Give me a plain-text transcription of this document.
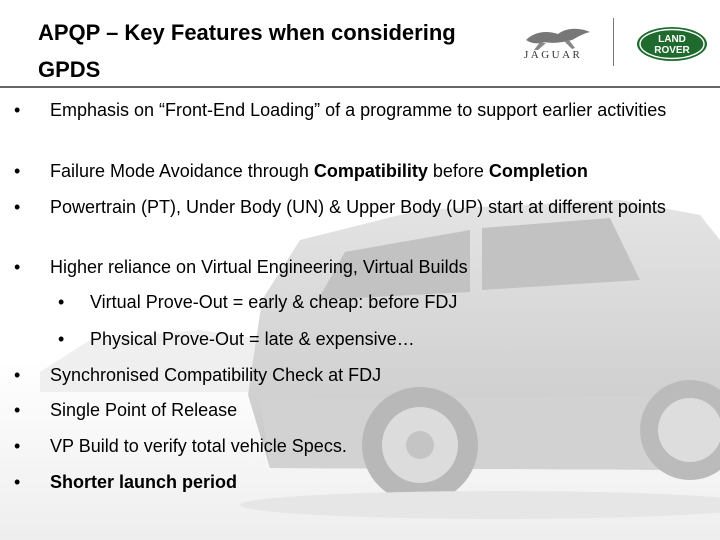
APQP – Key Features when considering GPDS
JAGUAR
LAND
ROVER
• Emphasis on “Front-End Loading” of a programme to support earlier activities
• Failure Mode Avoidance through Compatibility before Completion
• Powertrain (PT), Under Body (UN) & Upper Body (UP) start at different points
• Higher reliance on Virtual Engineering, Virtual Builds
• Virtual Prove-Out = early & cheap: before FDJ
• Physical Prove-Out = late & expensive…
• Synchronised Compatibility Check at FDJ
• Single Point of Release
• VP Build to verify total vehicle Specs.
• Shorter launch period
